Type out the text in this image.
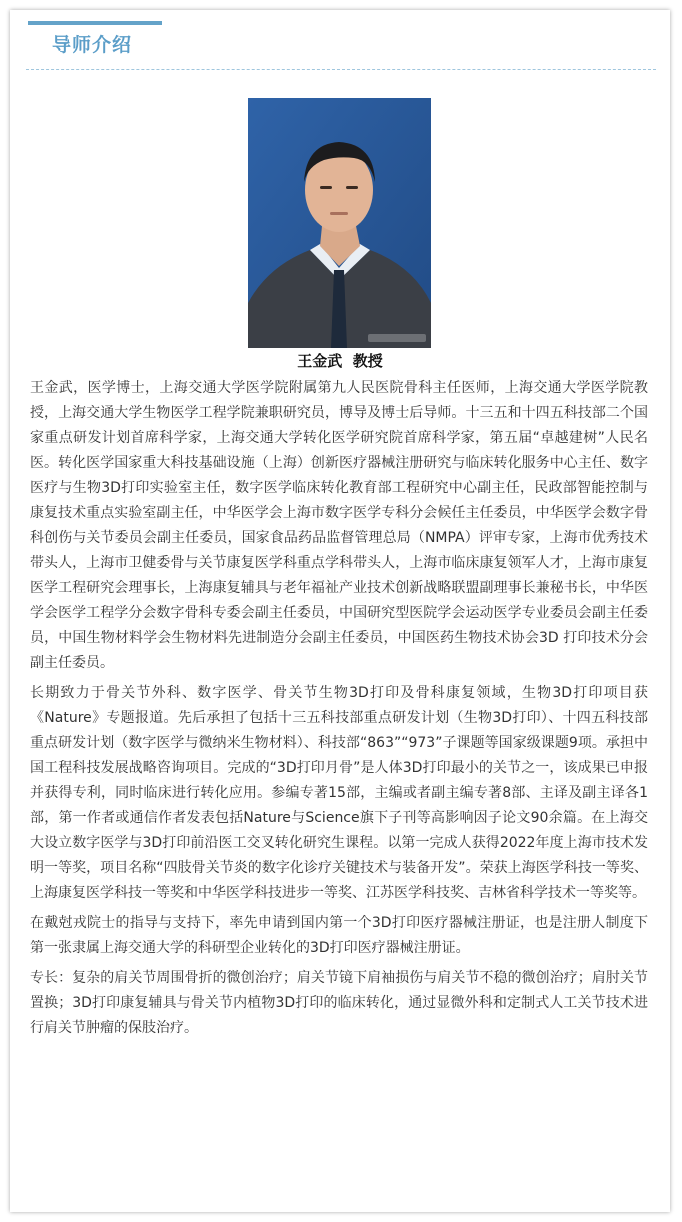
导师介绍
王金武  教授

王金武，医学博士，上海交通大学医学院附属第九人民医院骨科主任医师，上海交通大学医学院教授，上海交通大学生物医学工程学院兼职研究员，博导及博士后导师。十三五和十四五科技部二个国家重点研发计划首席科学家，上海交通大学转化医学研究院首席科学家，第五届“卓越建树”人民名医。转化医学国家重大科技基础设施（上海）创新医疗器械注册研究与临床转化服务中心主任、数字医疗与生物3D打印实验室主任，数字医学临床转化教育部工程研究中心副主任，民政部智能控制与康复技术重点实验室副主任，中华医学会上海市数字医学专科分会候任主任委员，中华医学会数字骨科创伤与关节委员会副主任委员，国家食品药品监督管理总局（NMPA）评审专家，上海市优秀技术带头人，上海市卫健委骨与关节康复医学科重点学科带头人，上海市临床康复领军人才，上海市康复医学工程研究会理事长，上海康复辅具与老年福祉产业技术创新战略联盟副理事长兼秘书长，中华医学会医学工程学分会数字骨科专委会副主任委员，中国研究型医院学会运动医学专业委员会副主任委员，中国生物材料学会生物材料先进制造分会副主任委员，中国医药生物技术协会3D 打印技术分会副主任委员。

长期致力于骨关节外科、数字医学、骨关节生物3D打印及骨科康复领域，生物3D打印项目获《Nature》专题报道。先后承担了包括十三五科技部重点研发计划（生物3D打印）、十四五科技部重点研发计划（数字医学与微纳米生物材料）、科技部“863”“973”子课题等国家级课题9项。承担中国工程科技发展战略咨询项目。完成的“3D打印月骨”是人体3D打印最小的关节之一，该成果已申报并获得专利，同时临床进行转化应用。参编专著15部，主编或者副主编专著8部、主译及副主译各1部，第一作者或通信作者发表包括Nature与Science旗下子刊等高影响因子论文90余篇。在上海交大设立数字医学与3D打印前沿医工交叉转化研究生课程。以第一完成人获得2022年度上海市技术发明一等奖，项目名称“四肢骨关节炎的数字化诊疗关键技术与装备开发”。荣获上海医学科技一等奖、上海康复医学科技一等奖和中华医学科技进步一等奖、江苏医学科技奖、吉林省科学技术一等奖等。

在戴尅戎院士的指导与支持下，率先申请到国内第一个3D打印医疗器械注册证，也是注册人制度下第一张隶属上海交通大学的科研型企业转化的3D打印医疗器械注册证。

专长：复杂的肩关节周围骨折的微创治疗；肩关节镜下肩袖损伤与肩关节不稳的微创治疗；肩肘关节置换；3D打印康复辅具与骨关节内植物3D打印的临床转化，通过显微外科和定制式人工关节技术进行肩关节肿瘤的保肢治疗。
